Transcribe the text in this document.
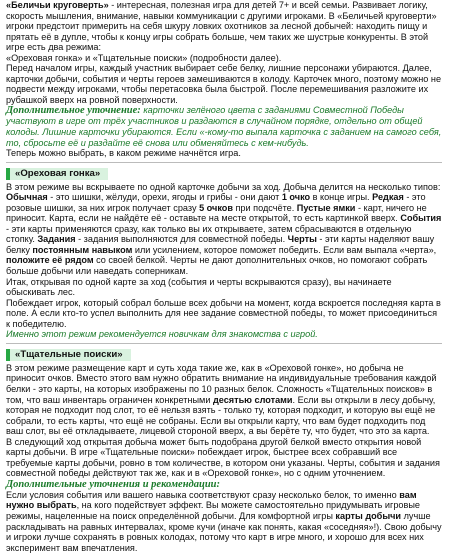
«Беличьи круговерть» - интересная, полезная игра для детей 7+ и всей семьи. Развивает логику, скорость мышления, внимание, навыки коммуникации с другими игроками. В «Беличьей круговерти» игроки предстоит примерить на себя шкуру ловких охотников за лесной добычей: находить пищу и прятать её в дупле, чтобы к концу игры собрать больше, чем таких же шустрые конкуренты. В этой игре есть два режима:

«Ореховая гонка» и «Тщательные поиски» (подробности далее).

Перед началом игры, каждый участник выбирает себе белку, лишние персонажи убираются. Далее, карточки добычи, события и черты героев замешиваются в колоду. Карточек много, поэтому можно не подвести между игроками, чтобы перетасовка была быстрой. После перемешивания разложите их рубашкой вверх на ровной поверхности.

Дополнительное уточнение: карточки зелёного цвета с заданиями Совместной Победы участвуют в игре от трёх участников и раздаются в случайном порядке, отдельно от общей колоды. Лишние карточки убираются. Если «-кому-то выпала карточка с заданием на самого себя, то, сбросьте её и раздайте её снова или обменяйтесь с кем-нибудь.

Теперь можно выбрать, в каком режиме начнётся игра.

«Ореховая гонка»

В этом режиме вы вскрываете по одной карточке добычи за ход. Добыча делится на несколько типов: Обычная - это шишки, жёлуди, орехи, ягоды и грибы - они дают 1 очко в конце игры. Редкая - это розовые шишки, за них игрок получает сразу 5 очков при подсчёте. Пустые ямки - карт, ничего не приносит. Карта, если не найдёте её - оставьте на месте открытой, то есть картинкой вверх. События - эти карты применяются сразу, как только вы их открываете, затем сбрасываются в отдельную стопку. Задания - задания выполняются для совместной победы. Черты - эти карты наделяют вашу белку постоянным навыком или усилением, которое поможет победить. Если вам выпала «черта», положите её рядом со своей белкой. Черты не дают дополнительных очков, но помогают собрать больше добычи или наведать соперникам.

Итак, открывая по одной карте за ход (события и черты вскрываются сразу), вы начинаете обыскивать лес.

Побеждает игрок, который собрал больше всех добычи на момент, когда вскроется последняя карта в поле. А если кто-то успел выполнить для нее задание совместной победы, то может присоединиться к победителю.

Именно этот режим рекомендуется новичкам для знакомства с игрой.

«Тщательные поиски»

В этом режиме размещение карт и суть хода такие же, как в «Ореховой гонке», но добыча не приносит очков. Вместо этого вам нужно обратить внимание на индивидуальные требования каждой белки - это карты, на которых изображены по 10 разных белок. Сложность «Тщательных поисков» в том, что ваш инвентарь ограничен конкретными десятью слотами. Если вы открыли в лесу добычу, которая не подходит под слот, то её нельзя взять - только ту, которая подходит, и которую вы ещё не собрали, то есть карты, что ещё не собраны. Если вы открыли карту, что вам будет подходить под ваш слот, вы её откладываете, лицевой стороной вверх, а вы берёте ту, что будет, что это за карта.

В следующий ход открытая добыча может быть подобрана другой белкой вместо открытия новой карты добычи. В игре «Тщательные поиски» побеждает игрок, быстрее всех собравший все требуемые карты добычи, ровно в том количестве, в котором они указаны. Черты, события и задания совместной победы действуют так же, как и в «Ореховой гонке», но с одним уточнением.

Дополнительные уточнения и рекомендации:

Если условия события или вашего навыка соответствуют сразу несколько белок, то именно вам нужно выбрать, на кого подействует эффект. Вы можете самостоятельно придумывать игровые режимы, нацеленные на поиск определённой добычи. Для комфортной игры карты добычи лучше раскладывать на равных интервалах, кроме кучи (иначе как понять, какая «соседняя»!). Свою добычу и игроки лучше сохранять в ровных колодах, потому что карт в игре много, и хорошо для всех них эксперимент вам впечатления.
